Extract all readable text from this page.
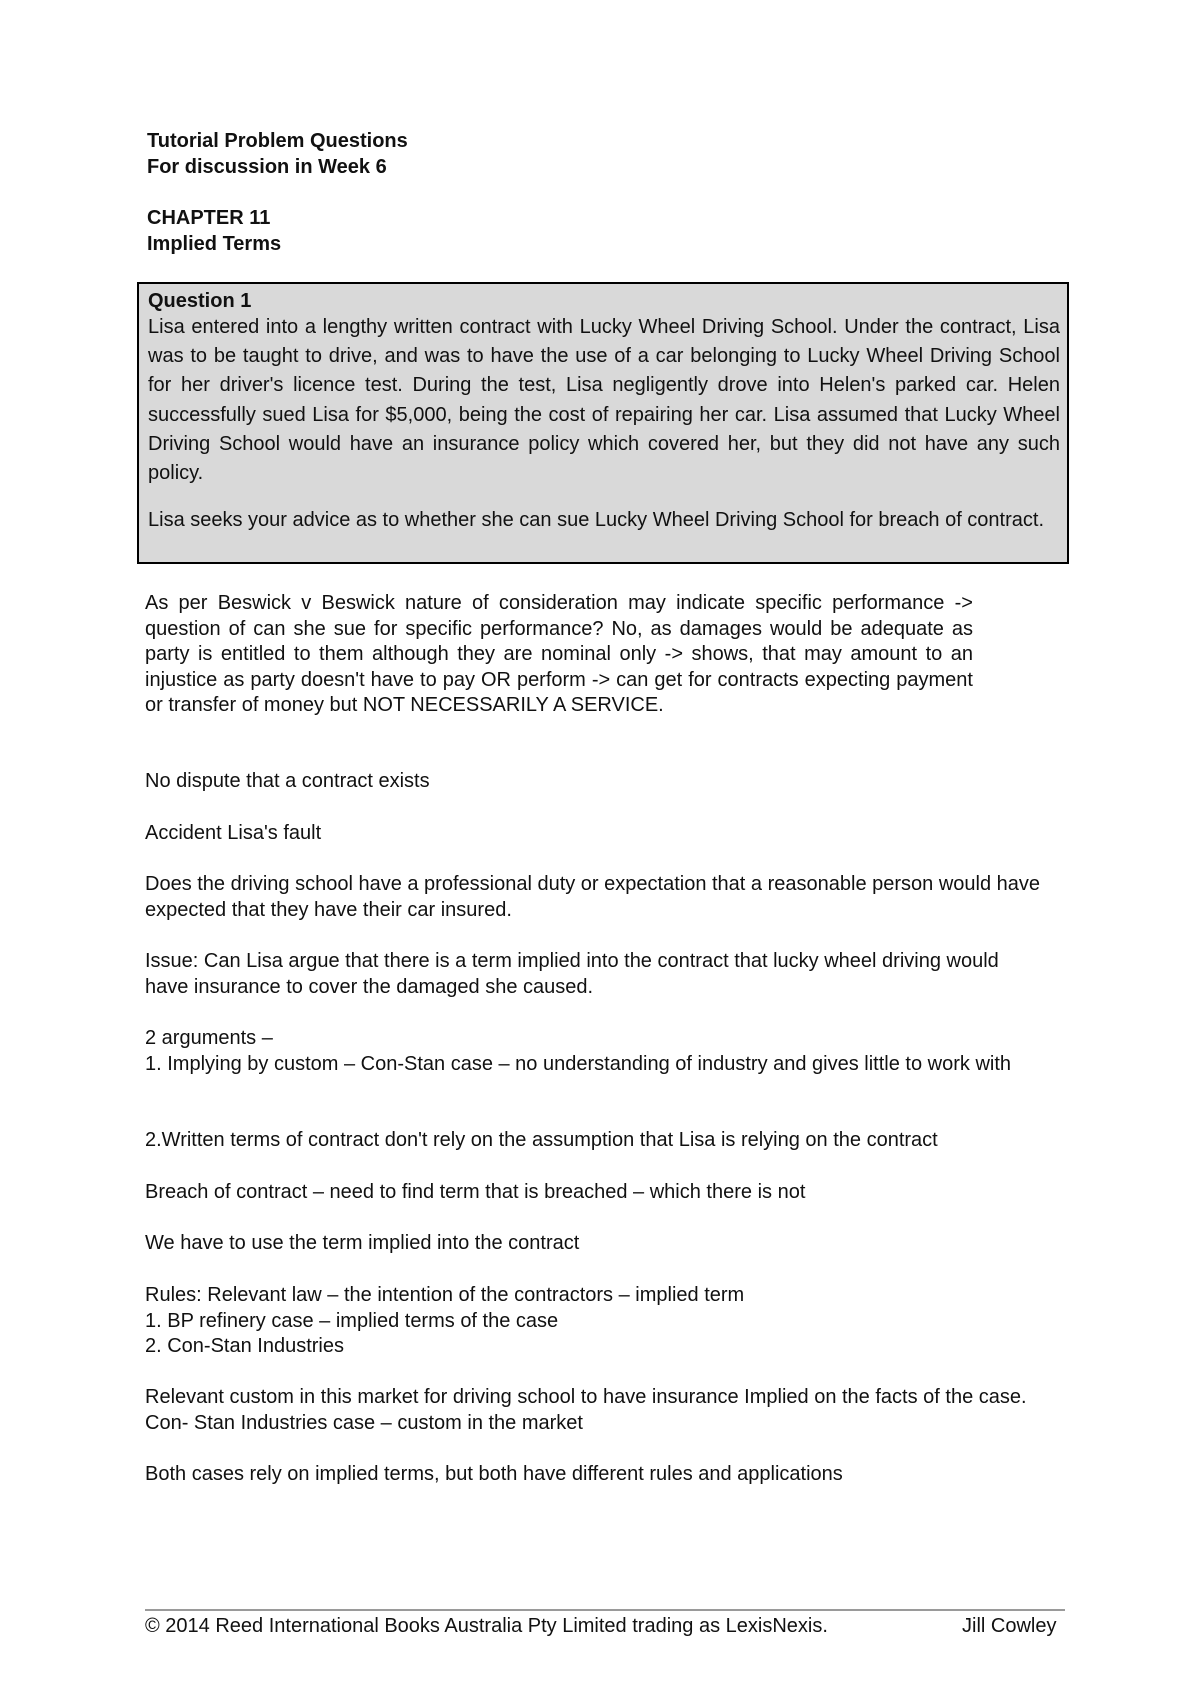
Tutorial Problem Questions
For discussion in Week 6
CHAPTER 11
Implied Terms
Question 1
Lisa entered into a lengthy written contract with Lucky Wheel Driving School. Under the contract, Lisa was to be taught to drive, and was to have the use of a car belonging to Lucky Wheel Driving School for her driver's licence test. During the test, Lisa negligently drove into Helen's parked car. Helen successfully sued Lisa for $5,000, being the cost of repairing her car. Lisa assumed that Lucky Wheel Driving School would have an insurance policy which covered her, but they did not have any such policy.
Lisa seeks your advice as to whether she can sue Lucky Wheel Driving School for breach of contract.
As per Beswick v Beswick nature of consideration may indicate specific performance -> question of can she sue for specific performance? No, as damages would be adequate as party is entitled to them although they are nominal only -> shows, that may amount to an injustice as party doesn't have to pay OR perform -> can get for contracts expecting payment or transfer of money but NOT NECESSARILY A SERVICE.
No dispute that a contract exists
Accident Lisa's fault
Does the driving school have a professional duty or expectation that a reasonable person would have expected that they have their car insured.
Issue: Can Lisa argue that there is a term implied into the contract that lucky wheel driving would have insurance to cover the damaged she caused.
2 arguments –
1. Implying by custom – Con-Stan case – no understanding of industry and gives little to work with
2.Written terms of contract don't rely on the assumption that Lisa is relying on the contract
Breach of contract – need to find term that is breached – which there is not
We have to use the term implied into the contract
Rules: Relevant law – the intention of the contractors – implied term
1. BP refinery case – implied terms of the case
2. Con-Stan Industries
Relevant custom in this market for driving school to have insurance Implied on the facts of the case. Con- Stan Industries case – custom in the market
Both cases rely on implied terms, but both have different rules and applications
© 2014 Reed International Books Australia Pty Limited trading as LexisNexis.	Jill Cowley
